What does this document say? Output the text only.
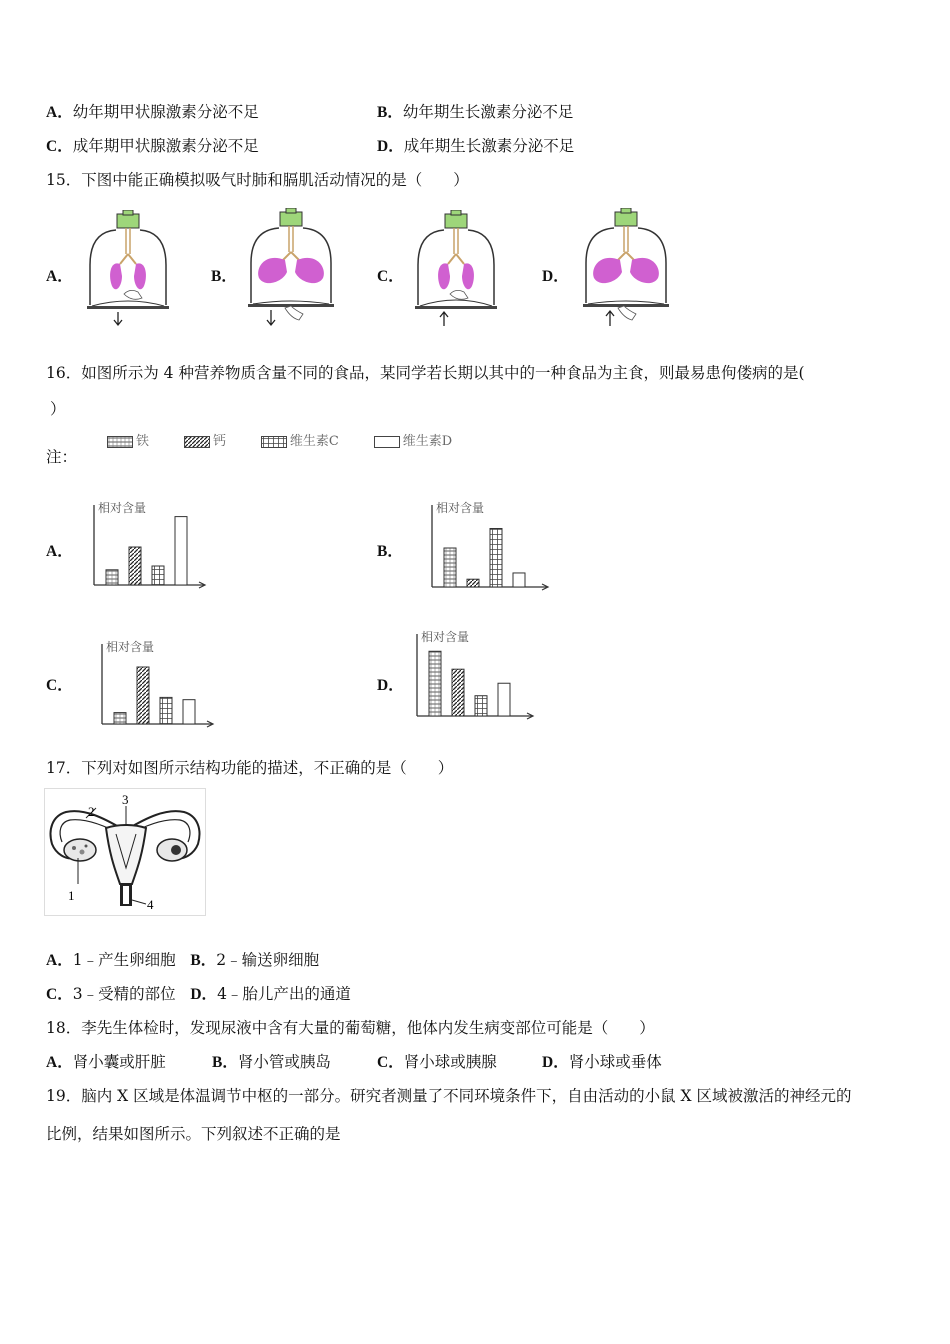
A．幼年期甲状腺激素分泌不足	B．幼年期生长激素分泌不足
C．成年期甲状腺激素分泌不足	D．成年期生长激素分泌不足
15．下图中能正确模拟吸气时肺和膈肌活动情况的是（　　）
A．	B．	C．	D．
16．如图所示为 4 种营养物质含量不同的食品，某同学若长期以其中的一种食品为主食，则最易患佝偻病的是(
）
注：
铁
	钙
	维生素C
	维生素D
A．	B．
C．	D．
相对含量	相对含量
相对含量
相对含量
17．下列对如图所示结构功能的描述，不正确的是（　　）
1
2
3
4
A．1﹣产生卵细胞 B．2﹣输送卵细胞
C．3﹣受精的部位 D．4﹣胎儿产出的通道
18．李先生体检时，发现尿液中含有大量的葡萄糖，他体内发生病变部位可能是（　　）
A．肾小囊或肝脏	B．肾小管或胰岛	C．肾小球或胰腺	D．肾小球或垂体
19．脑内 X 区域是体温调节中枢的一部分。研究者测量了不同环境条件下，自由活动的小鼠 X 区域被激活的神经元的
比例，结果如图所示。下列叙述不正确的是
